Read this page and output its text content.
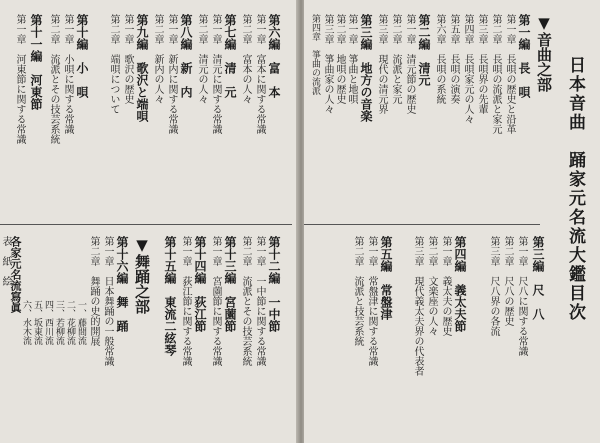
第六編　富　本
第一章　富本に関する常識
第二章　富本の人々
第七編　清　元
第一章　清元に関する常識
第二章　清元の人々
第八編　新　内
第一章　新内に関する常識
第二章　新内の人々
第九編　歌沢と端唄
第一章　歌沢の歴史
第二章　端唄について
第十編　小　唄
第一章　小唄に関する常識
第二章　流派とその技芸系統
第十一編　河東節
第一章　河東節に関する常識
第十二編　一中節
第一章　一中節に関する常識
第二章　流派とその技芸系統
第十三編　宮薗節
第一章　宮薗節に関する常識
第十四編　荻江節
第一章　荻江節に関する常識
第十五編　東流二絃琴
▼舞踊之部
第十六編　舞　踊
第一章　日本舞踊の一般常識
第二章　舞踊の史的開展
一、藤間流
二、花柳流
三、若柳流
四、西川流
五、坂東流
六、水木流
各家元名流寫眞
表　紙　絵	日本音曲　踊家元名流大鑑目次
▼音曲之部
第一編　長　唄
第一章　長唄の歴史と沿革
第二章　長唄の流派と家元
第三章　長唄界の先輩
第四章　長唄家元の人々
第五章　長唄の演奏
第六章　長唄の系統
第二編　清元
第一章　清元節の歴史
第二章　流派と家元
第三章　現代の清元界
第三編　地方の音楽
第一章　箏曲と地唄
第二章　地唄の歴史
第三章　箏曲家の人々
第四章　箏曲の流派
第三編　尺　八
第一章　尺八に関する常識
第二章　尺八の歴史
第三章　尺八界の各流
第四編　義太夫節
第一章　義太夫の歴史
第二章　文楽座の人々
第三章　現代義太夫界の代表者
第五編　常盤津
第一章　常盤津に関する常識
第二章　流派と技芸系統
